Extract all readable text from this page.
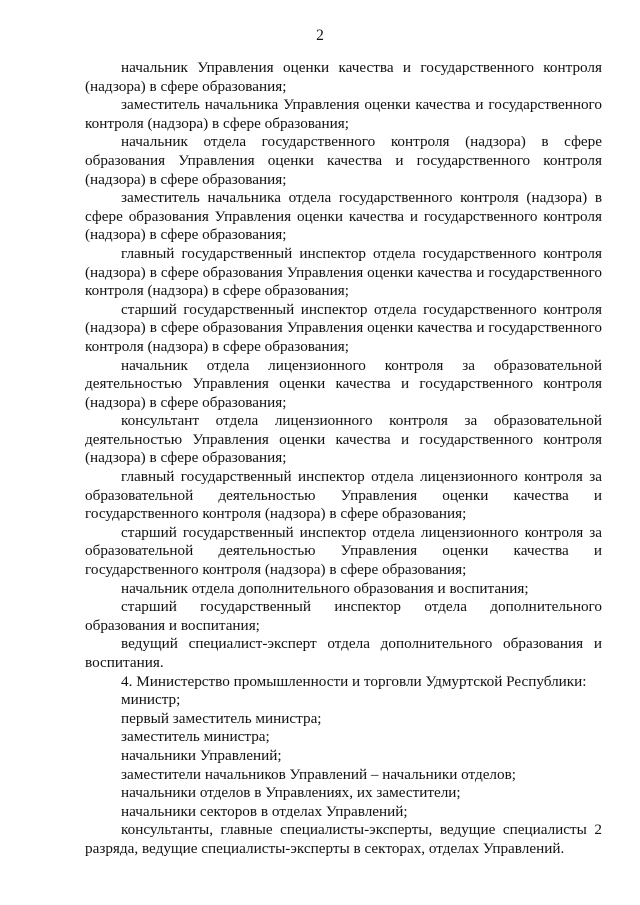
2

начальник Управления оценки качества и государственного контроля (надзора) в сфере образования;

заместитель начальника Управления оценки качества и государственного контроля (надзора) в сфере образования;

начальник отдела государственного контроля (надзора) в сфере образования Управления оценки качества и государственного контроля (надзора) в сфере образования;

заместитель начальника отдела государственного контроля (надзора) в сфере образования Управления оценки качества и государственного контроля (надзора) в сфере образования;

главный государственный инспектор отдела государственного контроля (надзора) в сфере образования Управления оценки качества и государственного контроля (надзора) в сфере образования;

старший государственный инспектор отдела государственного контроля (надзора) в сфере образования Управления оценки качества и государственного контроля (надзора) в сфере образования;

начальник отдела лицензионного контроля за образовательной деятельностью Управления оценки качества и государственного контроля (надзора) в сфере образования;

консультант отдела лицензионного контроля за образовательной деятельностью Управления оценки качества и государственного контроля (надзора) в сфере образования;

главный государственный инспектор отдела лицензионного контроля за образовательной деятельностью Управления оценки качества и государственного контроля (надзора) в сфере образования;

старший государственный инспектор отдела лицензионного контроля за образовательной деятельностью Управления оценки качества и государственного контроля (надзора) в сфере образования;

начальник отдела дополнительного образования и воспитания;

старший государственный инспектор отдела дополнительного образования и воспитания;

ведущий специалист-эксперт отдела дополнительного образования и воспитания.

4. Министерство промышленности и торговли Удмуртской Республики:

министр;

первый заместитель министра;

заместитель министра;

начальники Управлений;

заместители начальников Управлений – начальники отделов;

начальники отделов в Управлениях, их заместители;

начальники секторов в отделах Управлений;

консультанты, главные специалисты-эксперты, ведущие специалисты 2 разряда, ведущие специалисты-эксперты в секторах, отделах Управлений.
